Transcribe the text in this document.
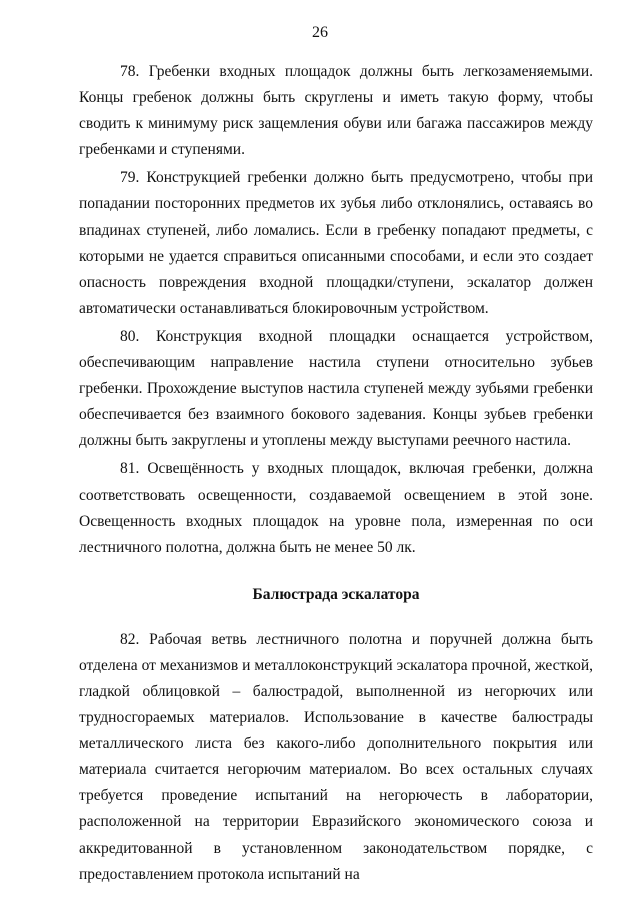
26

78. Гребенки входных площадок должны быть легкозаменяемыми. Концы гребенок должны быть скруглены и иметь такую форму, чтобы сводить к минимуму риск защемления обуви или багажа пассажиров между гребенками и ступенями.

79. Конструкцией гребенки должно быть предусмотрено, чтобы при попадании посторонних предметов их зубья либо отклонялись, оставаясь во впадинах ступеней, либо ломались. Если в гребенку попадают предметы, с которыми не удается справиться описанными способами, и если это создает опасность повреждения входной площадки/ступени, эскалатор должен автоматически останавливаться блокировочным устройством.

80. Конструкция входной площадки оснащается устройством, обеспечивающим направление настила ступени относительно зубьев гребенки. Прохождение выступов настила ступеней между зубьями гребенки обеспечивается без взаимного бокового задевания. Концы зубьев гребенки должны быть закруглены и утоплены между выступами реечного настила.

81. Освещённость у входных площадок, включая гребенки, должна соответствовать освещенности, создаваемой освещением в этой зоне. Освещенность входных площадок на уровне пола, измеренная по оси лестничного полотна, должна быть не менее 50 лк.

Балюстрада эскалатора

82. Рабочая ветвь лестничного полотна и поручней должна быть отделена от механизмов и металлоконструкций эскалатора прочной, жесткой, гладкой облицовкой – балюстрадой, выполненной из негорючих или трудносгораемых материалов. Использование в качестве балюстрады металлического листа без какого-либо дополнительного покрытия или материала считается негорючим материалом. Во всех остальных случаях требуется проведение испытаний на негорючесть в лаборатории, расположенной на территории Евразийского экономического союза и аккредитованной в установленном законодательством порядке, с предоставлением протокола испытаний на
